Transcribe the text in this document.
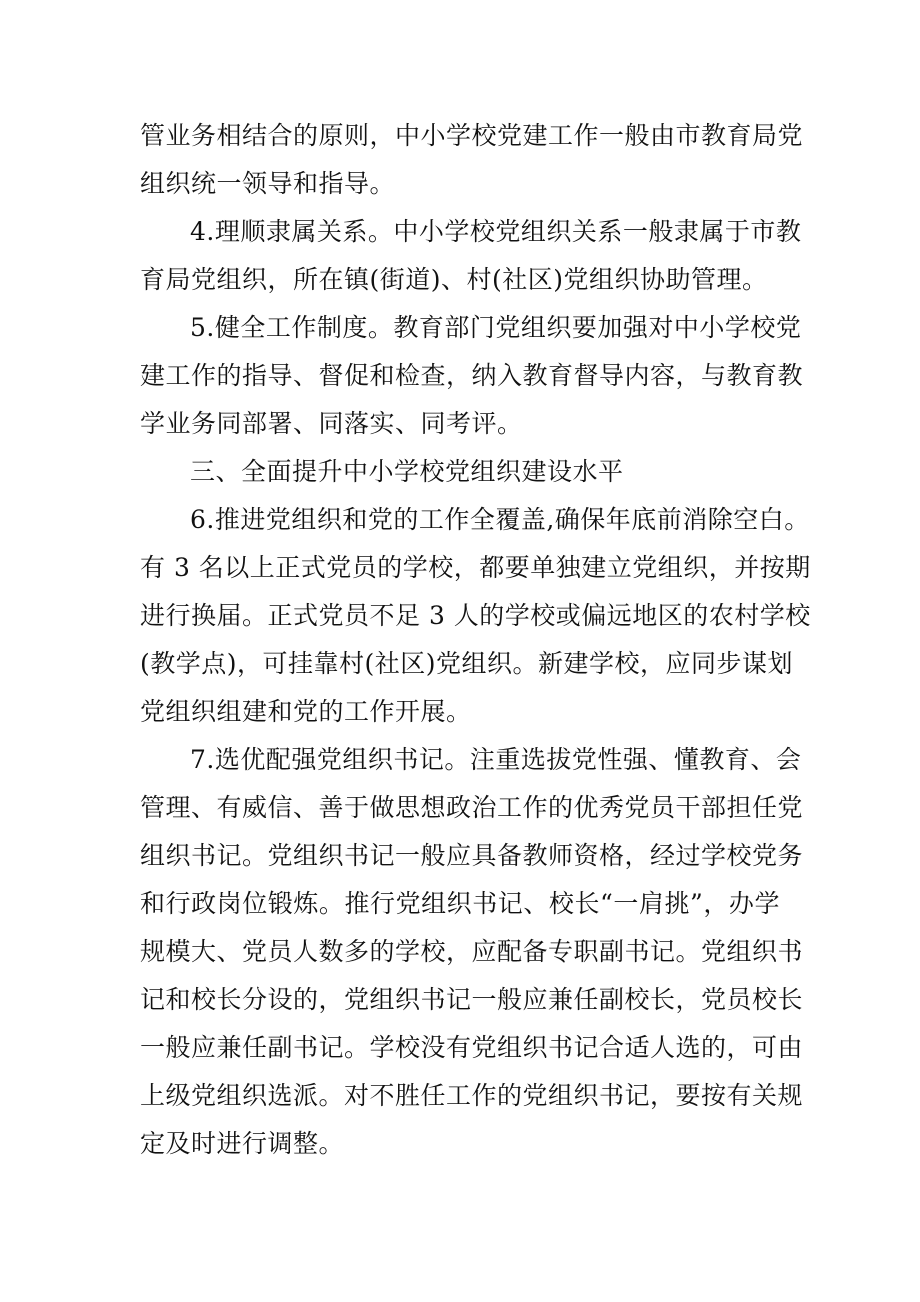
管业务相结合的原则，中小学校党建工作一般由市教育局党
组织统一领导和指导。
4.理顺隶属关系。中小学校党组织关系一般隶属于市教
育局党组织，所在镇(街道)、村(社区)党组织协助管理。
5.健全工作制度。教育部门党组织要加强对中小学校党
建工作的指导、督促和检查，纳入教育督导内容，与教育教
学业务同部署、同落实、同考评。
三、全面提升中小学校党组织建设水平
6.推进党组织和党的工作全覆盖,确保年底前消除空白。
有 3 名以上正式党员的学校，都要单独建立党组织，并按期
进行换届。正式党员不足 3 人的学校或偏远地区的农村学校
(教学点)，可挂靠村(社区)党组织。新建学校，应同步谋划
党组织组建和党的工作开展。
7.选优配强党组织书记。注重选拔党性强、懂教育、会
管理、有威信、善于做思想政治工作的优秀党员干部担任党
组织书记。党组织书记一般应具备教师资格，经过学校党务
和行政岗位锻炼。推行党组织书记、校长“一肩挑”，办学
规模大、党员人数多的学校，应配备专职副书记。党组织书
记和校长分设的，党组织书记一般应兼任副校长，党员校长
一般应兼任副书记。学校没有党组织书记合适人选的，可由
上级党组织选派。对不胜任工作的党组织书记，要按有关规
定及时进行调整。
